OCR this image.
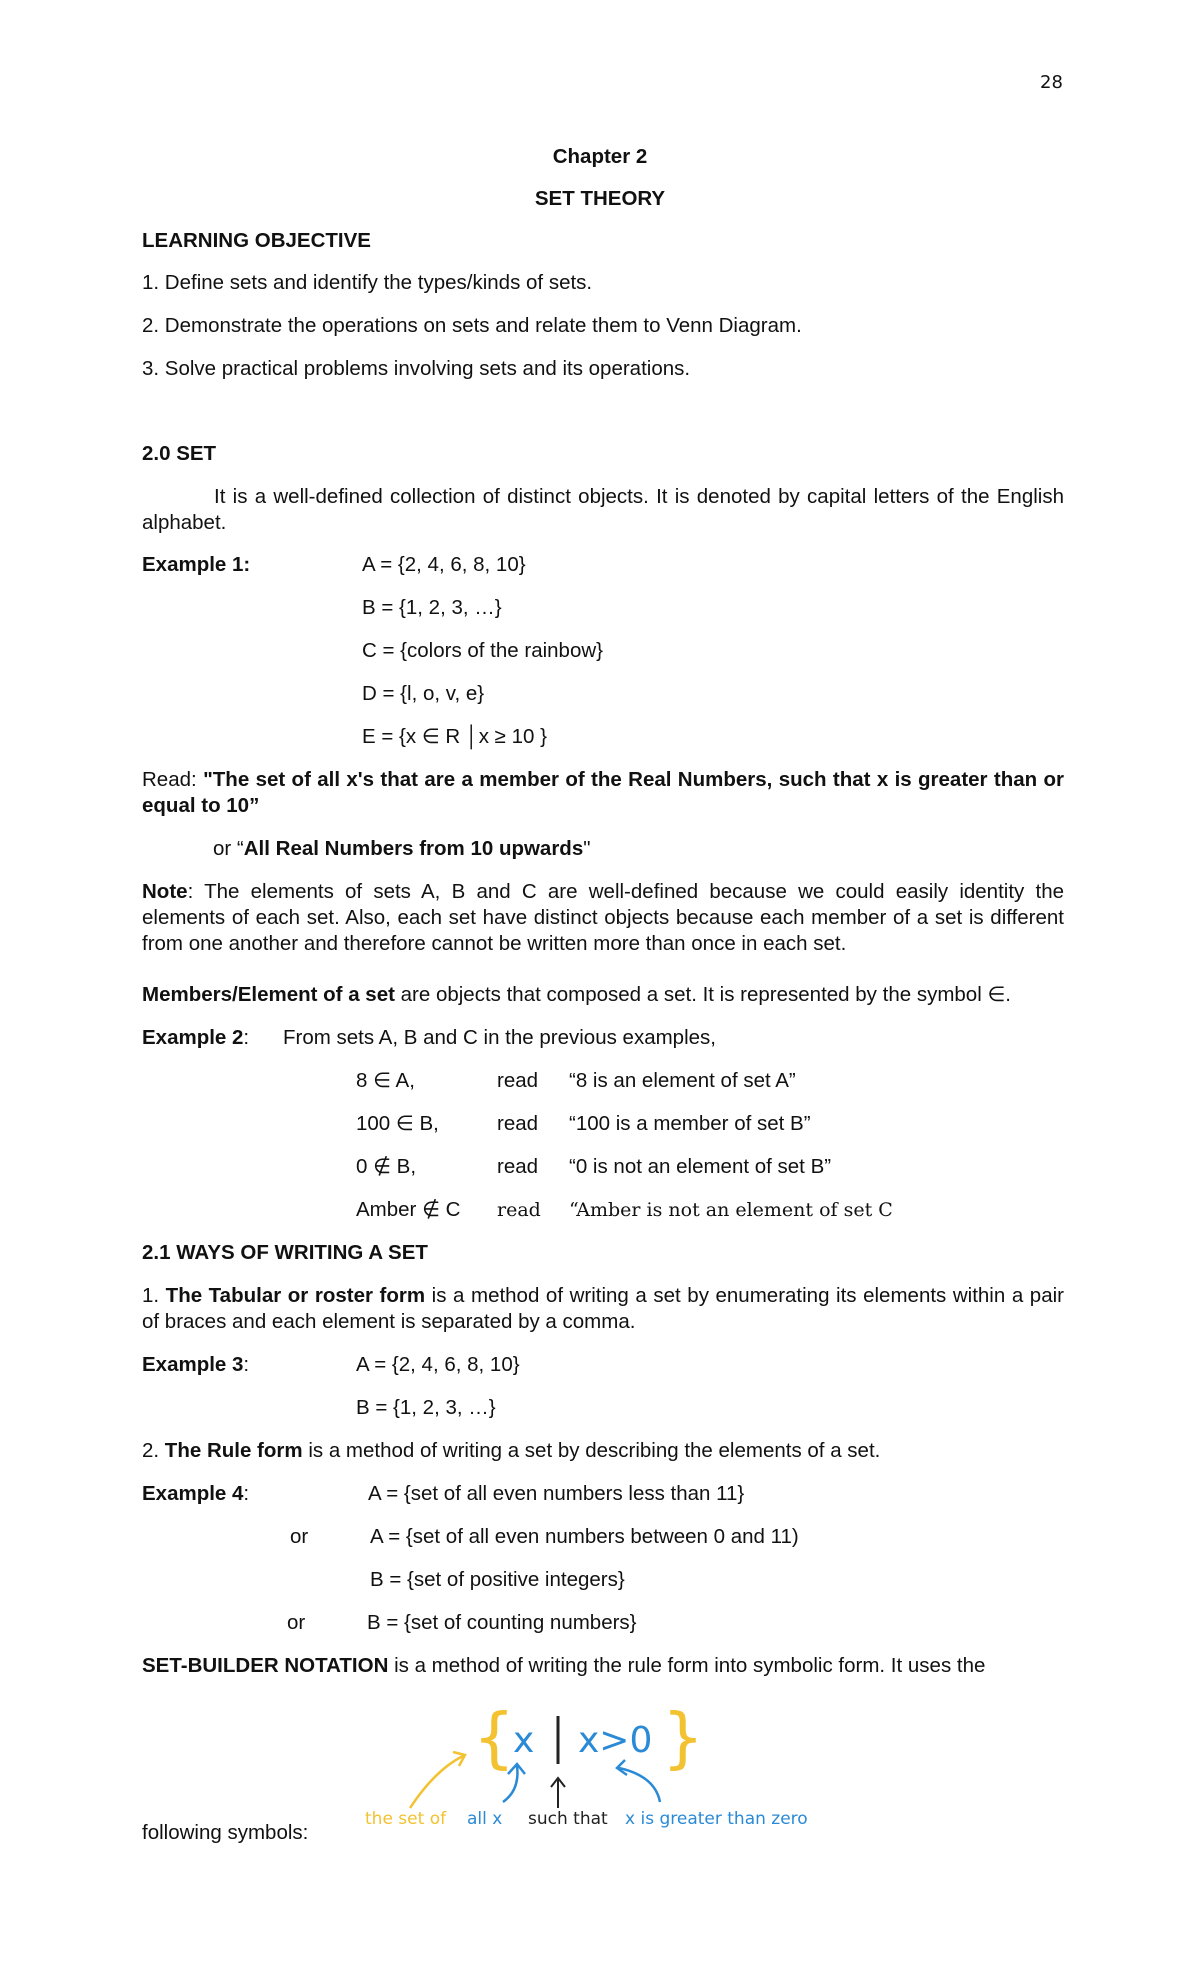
28
Chapter 2
SET THEORY
LEARNING OBJECTIVE
1. Define sets and identify the types/kinds of sets.
2. Demonstrate the operations on sets and relate them to Venn Diagram.
3. Solve practical problems involving sets and its operations.
2.0 SET
It is a well-defined collection of distinct objects. It is denoted by capital letters of the English alphabet.
Example 1:	A = {2, 4, 6, 8, 10}
B = {1, 2, 3, …}
C = {colors of the rainbow}
D = {l, o, v, e}
E = {x ∈ R │x ≥ 10 }
Read: "The set of all x's that are a member of the Real Numbers, such that x is greater than or equal to 10”
or “All Real Numbers from 10 upwards"
Note: The elements of sets A, B and C are well-defined because we could easily identity the elements of each set. Also, each set have distinct objects because each member of a set is different from one another and therefore cannot be written more than once in each set.
Members/Element of a set are objects that composed a set. It is represented by the symbol ∈.
Example 2: From sets A, B and C in the previous examples,
8 ∈ A,	read “8 is an element of set A”
100 ∈ B,	read “100 is a member of set B”
0 ∉ B,	read “0 is not an element of set B”
Amber ∉ C read “Amber is not an element of set C
2.1 WAYS OF WRITING A SET
1. The Tabular or roster form is a method of writing a set by enumerating its elements within a pair of braces and each element is separated by a comma.
Example 3:	A = {2, 4, 6, 8, 10}
B = {1, 2, 3, …}
2. The Rule form is a method of writing a set by describing the elements of a set.
Example 4:	A = {set of all even numbers less than 11}
or	A = {set of all even numbers between 0 and 11)
B = {set of positive integers}
or	B = {set of counting numbers}
SET-BUILDER NOTATION is a method of writing the rule form into symbolic form. It uses the
following symbols:
{
x x>0 }
the set of all x such that x is greater than zero
